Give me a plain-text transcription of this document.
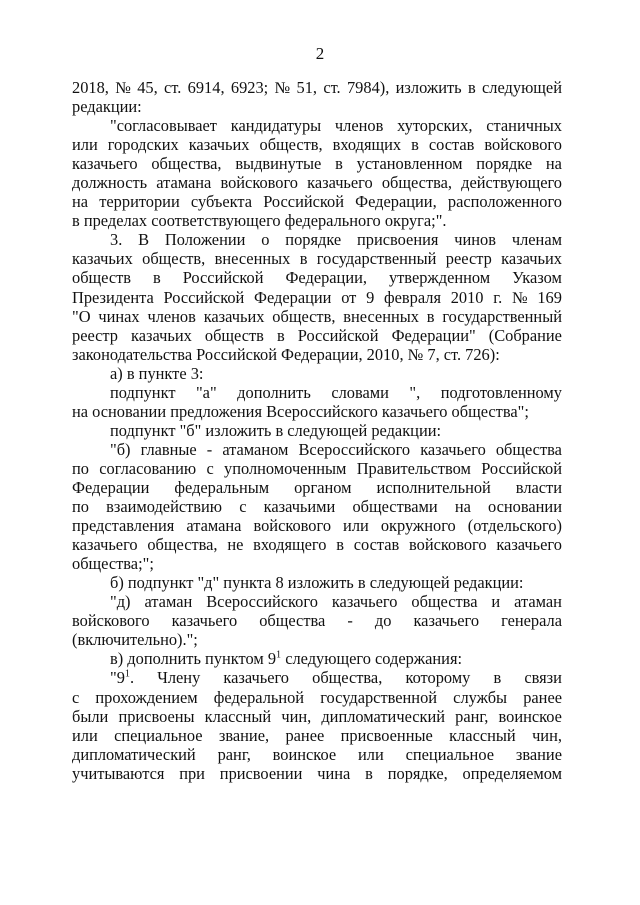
2
2018, № 45, ст. 6914, 6923; № 51, ст. 7984), изложить в следующей
редакции:
"согласовывает кандидатуры членов хуторских, станичных
или городских казачьих обществ, входящих в состав войскового
казачьего общества, выдвинутые в установленном порядке на
должность атамана войскового казачьего общества, действующего
на территории субъекта Российской Федерации, расположенного
в пределах соответствующего федерального округа;".
3. В Положении о порядке присвоения чинов членам
казачьих обществ, внесенных в государственный реестр казачьих
обществ в Российской Федерации, утвержденном Указом
Президента Российской Федерации от 9 февраля 2010 г. № 169
"О чинах членов казачьих обществ, внесенных в государственный
реестр казачьих обществ в Российской Федерации" (Собрание
законодательства Российской Федерации, 2010, № 7, ст. 726):
а) в пункте 3:
подпункт "а" дополнить словами ", подготовленному
на основании предложения Всероссийского казачьего общества";
подпункт "б" изложить в следующей редакции:
"б) главные - атаманом Всероссийского казачьего общества
по согласованию с уполномоченным Правительством Российской
Федерации федеральным органом исполнительной власти
по взаимодействию с казачьими обществами на основании
представления атамана войскового или окружного (отдельского)
казачьего общества, не входящего в состав войскового казачьего
общества;";
б) подпункт "д" пункта 8 изложить в следующей редакции:
"д) атаман Всероссийского казачьего общества и атаман
войскового казачьего общества - до казачьего генерала
(включительно).";
в) дополнить пунктом $9^1$ следующего содержания:
"$9^1$. Члену казачьего общества, которому в связи
с прохождением федеральной государственной службы ранее
были присвоены классный чин, дипломатический ранг, воинское
или специальное звание, ранее присвоенные классный чин,
дипломатический ранг, воинское или специальное звание
учитываются при присвоении чина в порядке, определяемом
